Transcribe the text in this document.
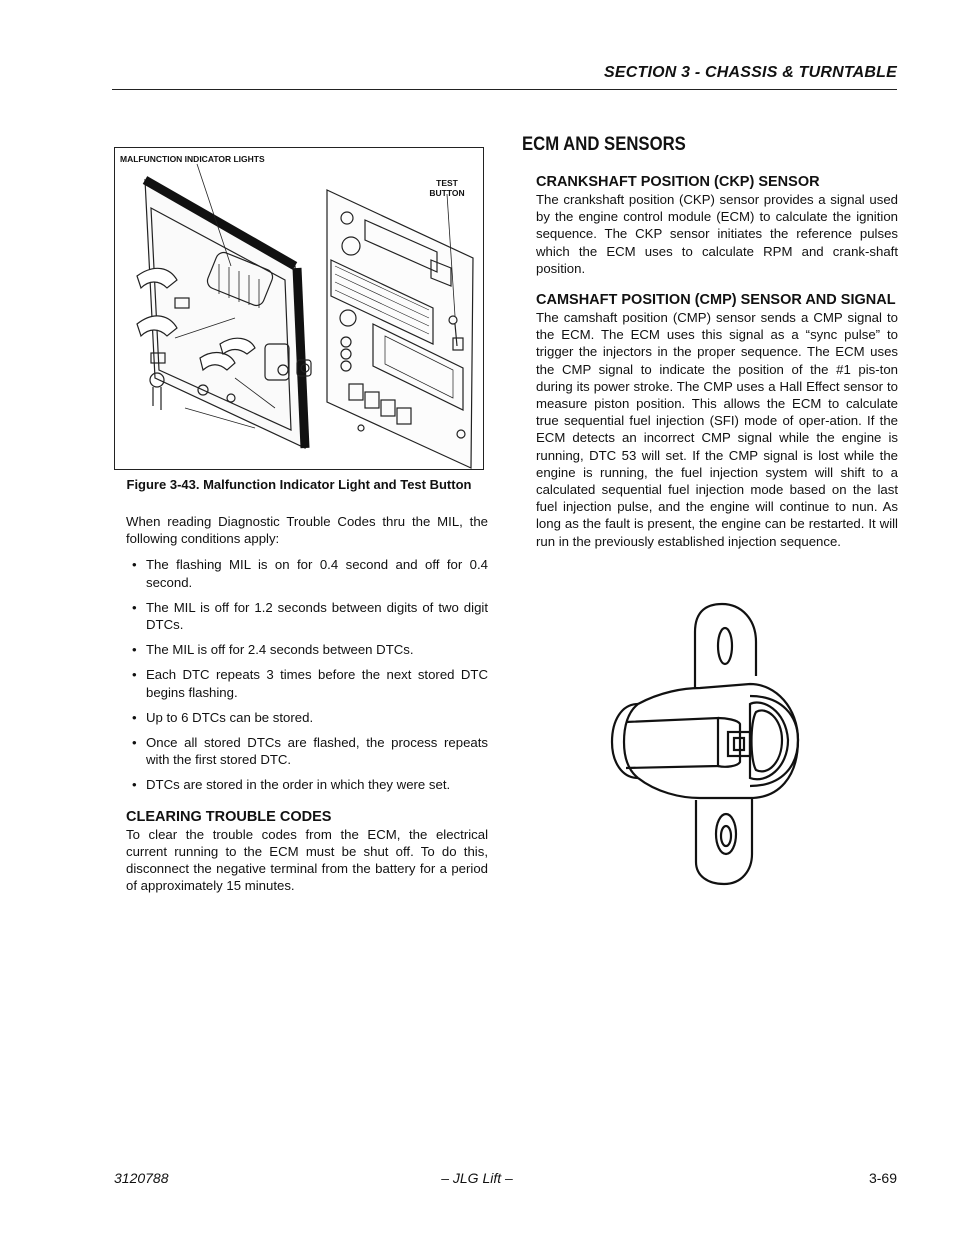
SECTION 3 - CHASSIS & TURNTABLE
MALFUNCTION INDICATOR LIGHTS
TEST
BUTTON
Figure 3-43. Malfunction Indicator Light and Test Button

When reading Diagnostic Trouble Codes thru the MIL, the following conditions apply:

• The flashing MIL is on for 0.4 second and off for 0.4 second.
• The MIL is off for 1.2 seconds between digits of two digit DTCs.
• The MIL is off for 2.4 seconds between DTCs.
• Each DTC repeats 3 times before the next stored DTC begins flashing.
• Up to 6 DTCs can be stored.
• Once all stored DTCs are flashed, the process repeats with the first stored DTC.
• DTCs are stored in the order in which they were set.
CLEARING TROUBLE CODES

To clear the trouble codes from the ECM, the electrical current running to the ECM must be shut off. To do this, disconnect the negative terminal from the battery for a period of approximately 15 minutes.

ECM AND SENSORS
CRANKSHAFT POSITION (CKP) SENSOR

The crankshaft position (CKP) sensor provides a signal used by the engine control module (ECM) to calculate the ignition sequence. The CKP sensor initiates the reference pulses which the ECM uses to calculate RPM and crank-shaft position.

CAMSHAFT POSITION (CMP) SENSOR AND SIGNAL

The camshaft position (CMP) sensor sends a CMP signal to the ECM. The ECM uses this signal as a “sync pulse” to trigger the injectors in the proper sequence. The ECM uses the CMP signal to indicate the position of the #1 pis-ton during its power stroke. The CMP uses a Hall Effect sensor to measure piston position. This allows the ECM to calculate true sequential fuel injection (SFI) mode of oper-ation. If the ECM detects an incorrect CMP signal while the engine is running, DTC 53 will set. If the CMP signal is lost while the engine is running, the fuel injection system will shift to a calculated sequential fuel injection mode based on the last fuel injection pulse, and the engine will continue to nun. As long as the fault is present, the engine can be restarted. It will run in the previously established injection sequence.

3120788	– JLG Lift –	3-69
